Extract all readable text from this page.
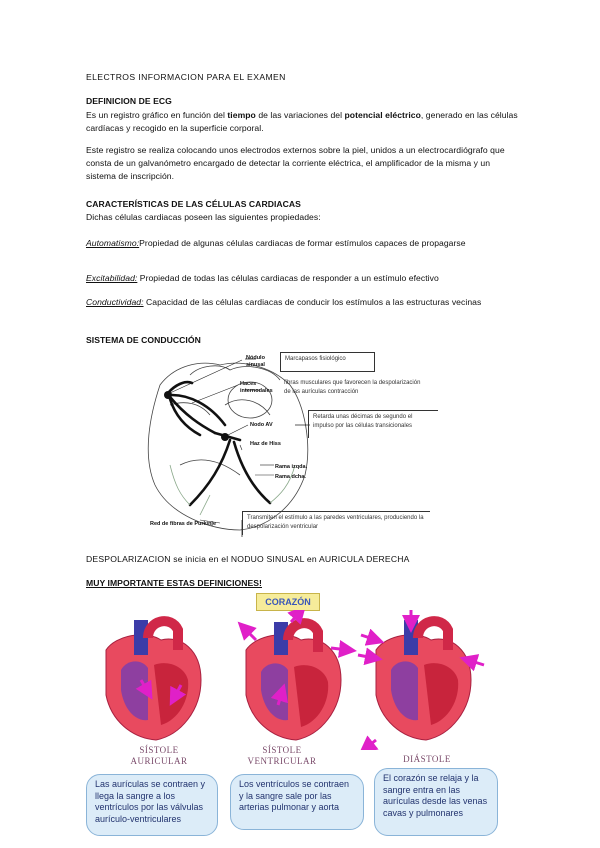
ELECTROS INFORMACION PARA EL EXAMEN
DEFINICION DE ECG
Es un registro gráfico en función del tiempo de las variaciones del potencial eléctrico, generado en las células cardíacas y recogido en la superficie corporal.
Este registro se realiza colocando unos electrodos externos sobre la piel, unidos a un electrocardiógrafo que consta de un galvanómetro encargado de detectar la corriente eléctrica, el amplificador de la misma y un sistema de inscripción.
CARACTERÍSTICAS DE LAS CÉLULAS CARDIACAS
Dichas células cardiacas poseen las siguientes propiedades:
Automatismo:Propiedad de algunas células cardiacas de formar estímulos capaces de propagarse
Excitabilidad: Propiedad de todas las células cardiacas de responder a un estímulo efectivo
Conductividad: Capacidad de las células cardiacas de conducir los estímulos a las estructuras vecinas
SISTEMA DE CONDUCCIÓN
Nódulo sinusal
Haces internodales
Nodo AV
Haz de Hiss
Rama izqda.
Rama dcha.
Red de fibras de Purkinje
Marcapasos fisiológico
fibras musculares que favorecen la despolarización de las aurículas contracción
Retarda unas décimas de segundo el impulso por las células transicionales
Transmiten el estímulo a las paredes ventriculares, produciendo la despolarización ventricular
DESPOLARIZACION se inicia en el NODUO SINUSAL en AURICULA DERECHA
MUY IMPORTANTE ESTAS DEFINICIONES!
CORAZÓN
SÍSTOLE AURICULAR
SÍSTOLE VENTRICULAR	DIÁSTOLE
Las aurículas se contraen y llega la sangre a los ventrículos por las válvulas aurículo-ventriculares
Los ventrículos se contraen y la sangre sale por las arterias pulmonar y aorta
El corazón se relaja y la sangre entra en las aurículas desde las venas cavas y pulmonares
